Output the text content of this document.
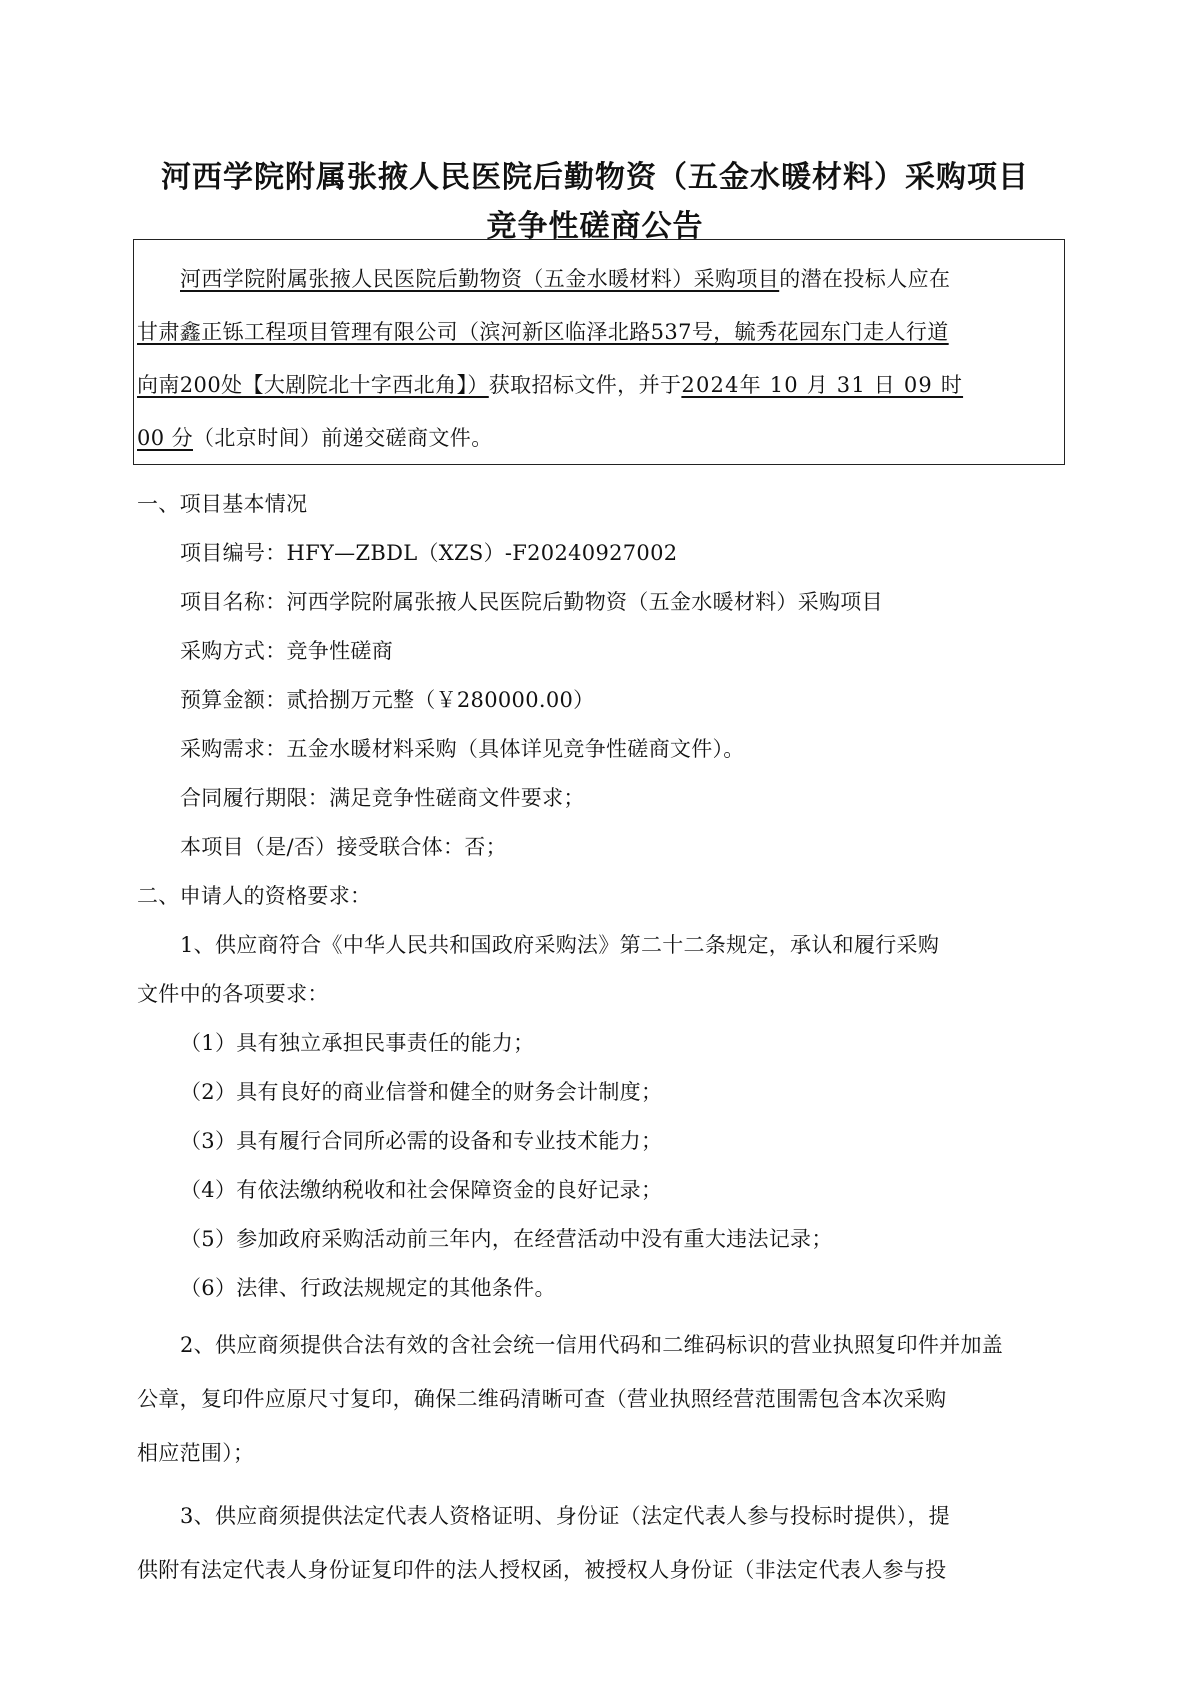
河西学院附属张掖人民医院后勤物资（五金水暖材料）采购项目
竞争性磋商公告
河西学院附属张掖人民医院后勤物资（五金水暖材料）采购项目的潜在投标人应在
甘肃鑫正铄工程项目管理有限公司（滨河新区临泽北路537号，毓秀花园东门走人行道
向南200处【大剧院北十字西北角】）获取招标文件，并于2024年 10 月 31 日 09 时
00 分（北京时间）前递交磋商文件。
一、项目基本情况
项目编号：HFY—ZBDL（XZS）-F20240927002
项目名称：河西学院附属张掖人民医院后勤物资（五金水暖材料）采购项目
采购方式：竞争性磋商
预算金额：贰拾捌万元整（￥280000.00）
采购需求：五金水暖材料采购（具体详见竞争性磋商文件）。
合同履行期限：满足竞争性磋商文件要求；
本项目（是/否）接受联合体：否；
二、申请人的资格要求：
1、供应商符合《中华人民共和国政府采购法》第二十二条规定，承认和履行采购
文件中的各项要求：
（1）具有独立承担民事责任的能力；
（2）具有良好的商业信誉和健全的财务会计制度；
（3）具有履行合同所必需的设备和专业技术能力；
（4）有依法缴纳税收和社会保障资金的良好记录；
（5）参加政府采购活动前三年内，在经营活动中没有重大违法记录；
（6）法律、行政法规规定的其他条件。
2、供应商须提供合法有效的含社会统一信用代码和二维码标识的营业执照复印件并加盖
公章，复印件应原尺寸复印，确保二维码清晰可查（营业执照经营范围需包含本次采购
相应范围）；
3、供应商须提供法定代表人资格证明、身份证（法定代表人参与投标时提供），提
供附有法定代表人身份证复印件的法人授权函，被授权人身份证（非法定代表人参与投
